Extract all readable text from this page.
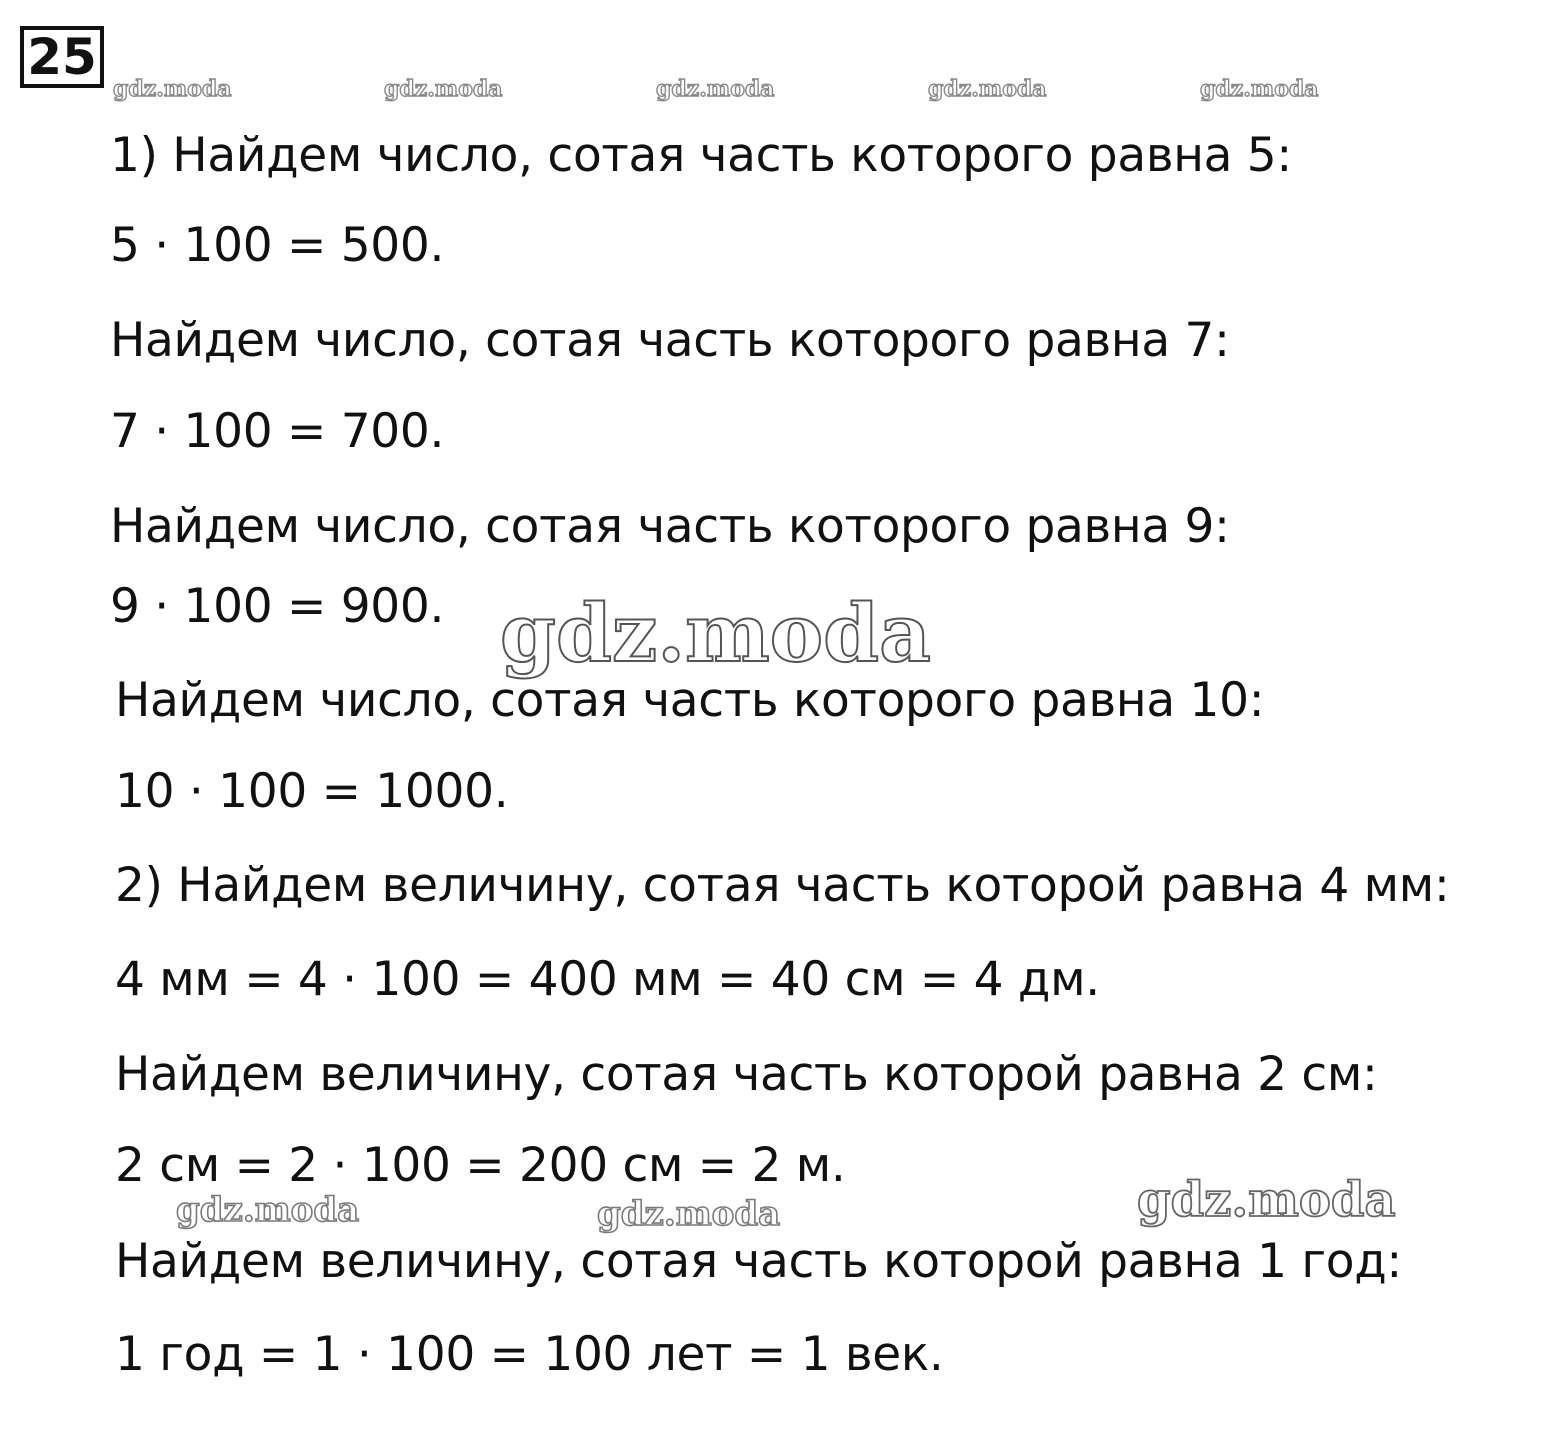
25
gdz.moda	gdz.moda	gdz.moda	gdz.moda	gdz.moda
1) Найдем число, сотая часть которого равна 5:
5 · 100 = 500.
Найдем число, сотая часть которого равна 7:
7 · 100 = 700.
Найдем число, сотая часть которого равна 9:
9 · 100 = 900.
Найдем число, сотая часть которого равна 10:
10 · 100 = 1000.
2) Найдем величину, сотая часть которой равна 4 мм:
4 мм = 4 · 100 = 400 мм = 40 см = 4 дм.
Найдем величину, сотая часть которой равна 2 см:
2 см = 2 · 100 = 200 см = 2 м.
Найдем величину, сотая часть которой равна 1 год:
1 год = 1 · 100 = 100 лет = 1 век.
gdz.moda
gdz.moda	gdz.moda	gdz.moda
